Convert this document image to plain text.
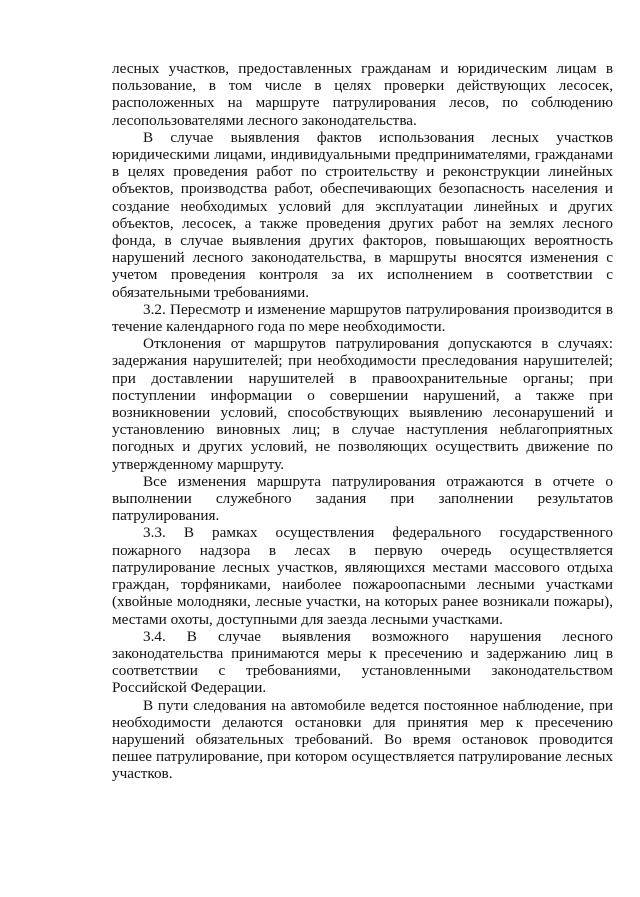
лесных участков, предоставленных гражданам и юридическим лицам в пользование, в том числе в целях проверки действующих лесосек, расположенных на маршруте патрулирования лесов, по соблюдению лесопользователями лесного законодательства.

В случае выявления фактов использования лесных участков юридическими лицами, индивидуальными предпринимателями, гражданами в целях проведения работ по строительству и реконструкции линейных объектов, производства работ, обеспечивающих безопасность населения и создание необходимых условий для эксплуатации линейных и других объектов, лесосек, а также проведения других работ на землях лесного фонда, в случае выявления других факторов, повышающих вероятность нарушений лесного законодательства, в маршруты вносятся изменения с учетом проведения контроля за их исполнением в соответствии с обязательными требованиями.

3.2. Пересмотр и изменение маршрутов патрулирования производится в течение календарного года по мере необходимости.

Отклонения от маршрутов патрулирования допускаются в случаях: задержания нарушителей; при необходимости преследования нарушителей; при доставлении нарушителей в правоохранительные органы; при поступлении информации о совершении нарушений, а также при возникновении условий, способствующих выявлению лесонарушений и установлению виновных лиц; в случае наступления неблагоприятных погодных и других условий, не позволяющих осуществить движение по утвержденному маршруту.

Все изменения маршрута патрулирования отражаются в отчете о выполнении служебного задания при заполнении результатов патрулирования.

3.3. В рамках осуществления федерального государственного пожарного надзора в лесах в первую очередь осуществляется патрулирование лесных участков, являющихся местами массового отдыха граждан, торфяниками, наиболее пожароопасными лесными участками (хвойные молодняки, лесные участки, на которых ранее возникали пожары), местами охоты, доступными для заезда лесными участками.

3.4. В случае выявления возможного нарушения лесного законодательства принимаются меры к пресечению и задержанию лиц в соответствии с требованиями, установленными законодательством Российской Федерации.

В пути следования на автомобиле ведется постоянное наблюдение, при необходимости делаются остановки для принятия мер к пресечению нарушений обязательных требований. Во время остановок проводится пешее патрулирование, при котором осуществляется патрулирование лесных участков.
